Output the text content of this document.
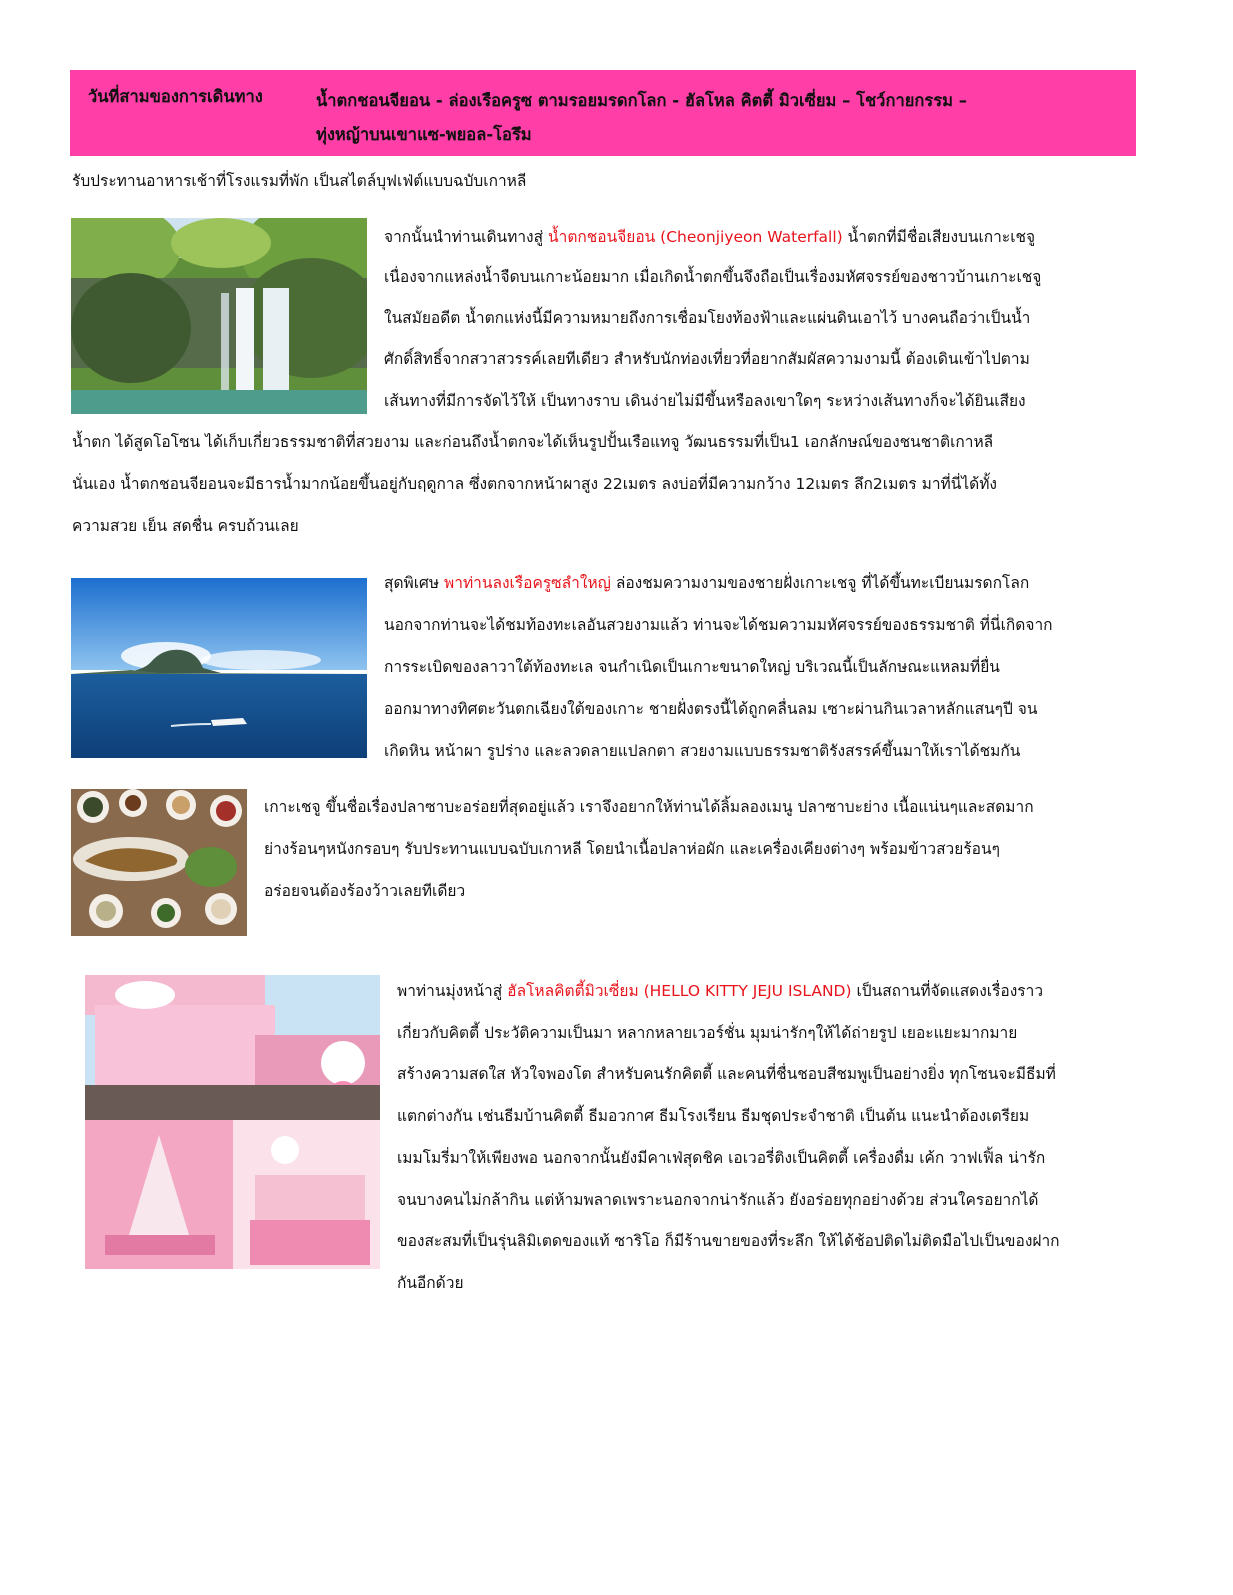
วันที่สามของการเดินทาง	น้ำตกชอนจียอน - ล่องเรือครูซ ตามรอยมรดกโลก - ฮัลโหล คิตตี้ มิวเซี่ยม – โชว์กายกรรม –
ทุ่งหญ้าบนเขาแซ-พยอล-โอรึม
รับประทานอาหารเช้าที่โรงแรมที่พัก เป็นสไตล์บุฟเฟ่ต์แบบฉบับเกาหลี
จากนั้นนำท่านเดินทางสู่ น้ำตกชอนจียอน (Cheonjiyeon Waterfall) น้ำตกที่มีชื่อเสียงบนเกาะเชจู
เนื่องจากแหล่งน้ำจืดบนเกาะน้อยมาก เมื่อเกิดน้ำตกขึ้นจึงถือเป็นเรื่องมหัศจรรย์ของชาวบ้านเกาะเชจู
ในสมัยอดีต น้ำตกแห่งนี้มีความหมายถึงการเชื่อมโยงท้องฟ้าและแผ่นดินเอาไว้ บางคนถือว่าเป็นน้ำ
ศักดิ์สิทธิ์จากสวาสวรรค์เลยทีเดียว สำหรับนักท่องเที่ยวที่อยากสัมผัสความงามนี้ ต้องเดินเข้าไปตาม
เส้นทางที่มีการจัดไว้ให้ เป็นทางราบ เดินง่ายไม่มีขึ้นหรือลงเขาใดๆ ระหว่างเส้นทางก็จะได้ยินเสียง
น้ำตก ได้สูดโอโซน ได้เก็บเกี่ยวธรรมชาติที่สวยงาม และก่อนถึงน้ำตกจะได้เห็นรูปปั้นเรือแทจู วัฒนธรรมที่เป็น1 เอกลักษณ์ของชนชาติเกาหลี
นั่นเอง น้ำตกชอนจียอนจะมีธารน้ำมากน้อยขึ้นอยู่กับฤดูกาล ซึ่งตกจากหน้าผาสูง 22เมตร ลงบ่อที่มีความกว้าง 12เมตร ลึก2เมตร มาที่นี่ได้ทั้ง
ความสวย เย็น สดชื่น ครบถ้วนเลย
สุดพิเศษ พาท่านลงเรือครูซลำใหญ่ ล่องชมความงามของชายฝั่งเกาะเชจู ที่ได้ขึ้นทะเบียนมรดกโลก
นอกจากท่านจะได้ชมท้องทะเลอันสวยงามแล้ว ท่านจะได้ชมความมหัศจรรย์ของธรรมชาติ ที่นี่เกิดจาก
การระเบิดของลาวาใต้ท้องทะเล จนกำเนิดเป็นเกาะขนาดใหญ่ บริเวณนี้เป็นลักษณะแหลมที่ยื่น
ออกมาทางทิศตะวันตกเฉียงใต้ของเกาะ ชายฝั่งตรงนี้ได้ถูกคลื่นลม เซาะผ่านกินเวลาหลักแสนๆปี จน
เกิดหิน หน้าผา รูปร่าง และลวดลายแปลกตา สวยงามแบบธรรมชาติรังสรรค์ขึ้นมาให้เราได้ชมกัน
เกาะเชจู ขึ้นชื่อเรื่องปลาซาบะอร่อยที่สุดอยู่แล้ว เราจึงอยากให้ท่านได้ลิ้มลองเมนู ปลาซาบะย่าง เนื้อแน่นๆและสดมาก
ย่างร้อนๆหนังกรอบๆ รับประทานแบบฉบับเกาหลี โดยนำเนื้อปลาห่อผัก และเครื่องเคียงต่างๆ พร้อมข้าวสวยร้อนๆ
อร่อยจนต้องร้องว้าวเลยทีเดียว
พาท่านมุ่งหน้าสู่ ฮัลโหลคิตตี้มิวเซี่ยม (HELLO KITTY JEJU ISLAND) เป็นสถานที่จัดแสดงเรื่องราว
เกี่ยวกับคิตตี้ ประวัติความเป็นมา หลากหลายเวอร์ชั่น มุมน่ารักๆให้ได้ถ่ายรูป เยอะแยะมากมาย
สร้างความสดใส หัวใจพองโต สำหรับคนรักคิตตี้ และคนที่ชื่นชอบสีชมพูเป็นอย่างยิ่ง ทุกโซนจะมีธีมที่
แตกต่างกัน เช่นธีมบ้านคิตตี้ ธีมอวกาศ ธีมโรงเรียน ธีมชุดประจำชาติ เป็นต้น แนะนำต้องเตรียม
เมมโมรี่มาให้เพียงพอ นอกจากนั้นยังมีคาเฟ่สุดชิค เอเวอรี่ติงเป็นคิตตี้ เครื่องดื่ม เค้ก วาฟเฟิ้ล น่ารัก
จนบางคนไม่กล้ากิน แต่ห้ามพลาดเพราะนอกจากน่ารักแล้ว ยังอร่อยทุกอย่างด้วย ส่วนใครอยากได้
ของสะสมที่เป็นรุ่นลิมิเตดของแท้ ซาริโอ ก็มีร้านขายของที่ระลึก ให้ได้ช้อปติดไม่ติดมือไปเป็นของฝาก
กันอีกด้วย
